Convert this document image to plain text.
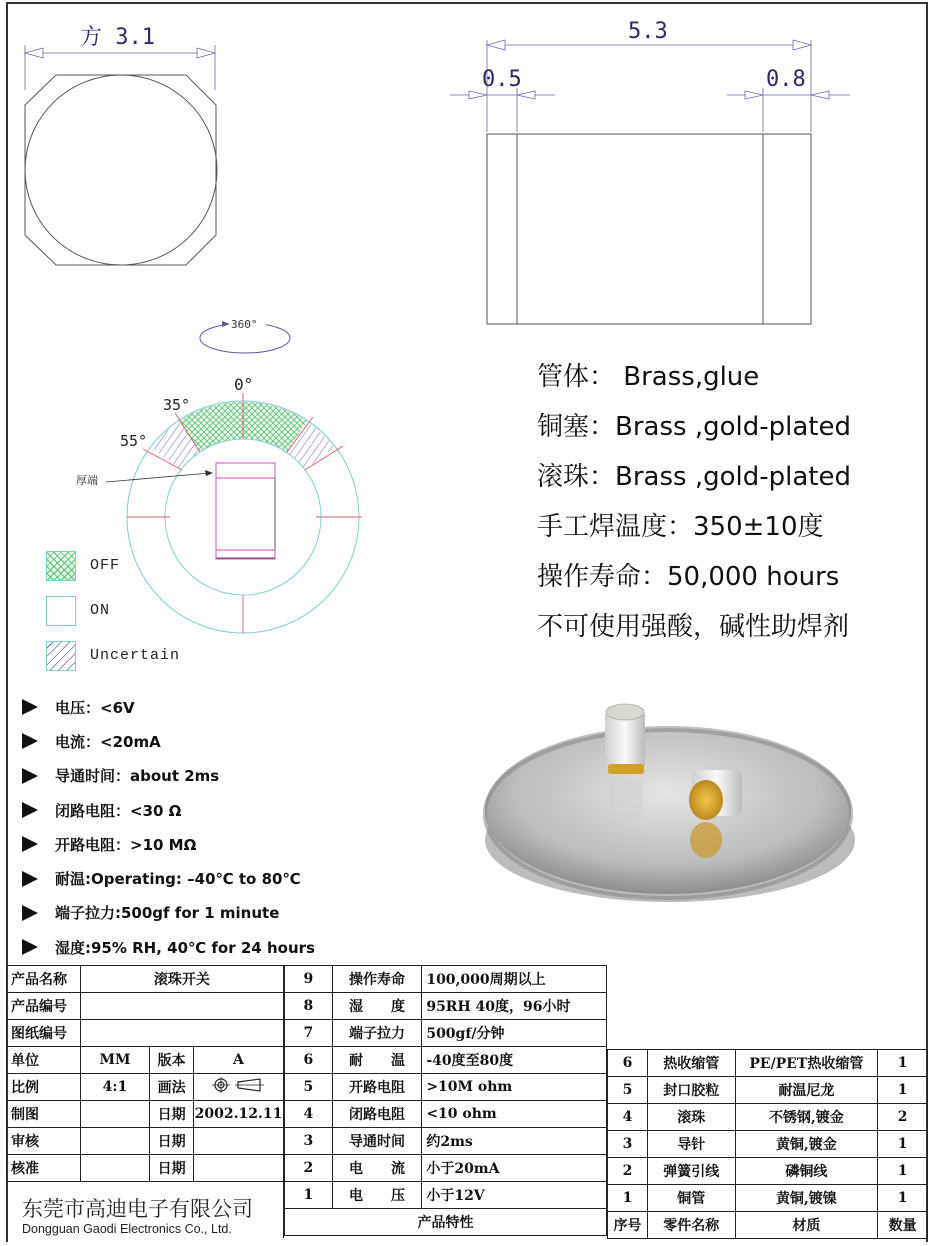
方 3.1	5.3
0.5	0.8
360°
0°
35°
55°
厚端
OFF
ON
Uncertain
管体： Brass,glue
铜塞：Brass ,gold-plated
滚珠：Brass ,gold-plated
手工焊温度：350±10度
操作寿命：50,000 hours
不可使用强酸，碱性助焊剂
电压：<6V
电流：<20mA
导通时间：about 2ms
闭路电阻：<30 Ω
开路电阻：>10 MΩ
耐温:Operating: –40℃ to 80℃
端子拉力:500gf for 1 minute
湿度:95% RH, 40℃ for 24 hours
产品名称	滚珠开关		
产品编号			
图纸编号			
单位	MM	版本	A
比例	4:1	画法	
制图		日期	2002.12.11
审核		日期	
核准		日期	

东莞市高迪电子有限公司
Dongguan Gaodi Electronics Co., Ltd.
9	操作寿命	100,000周期以上
8	湿　　度	95RH 40度，96小时
7	端子拉力	500gf/分钟
6	耐　　温	-40度至80度
5	开路电阻	>10M ohm
4	闭路电阻	<10 ohm
3	导通时间	约2ms
2	电　　流	小于20mA
1	电　　压	小于12V
产品特性		
6	热收缩管	PE/PET热收缩管	1
5	封口胶粒	耐温尼龙	1
4	滚珠	不锈钢,镀金	2
3	导针	黄铜,镀金	1
2	弹簧引线	磷铜线	1
1	铜管	黄铜,镀镍	1
序号	零件名称	材质	数量
